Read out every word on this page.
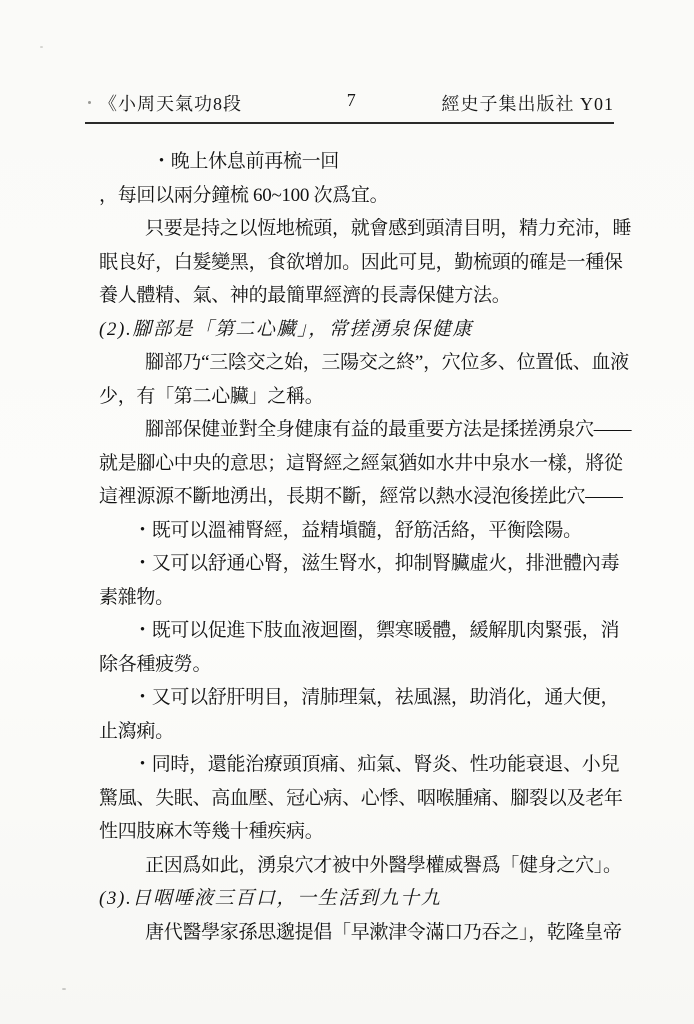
《小周天氣功8段	7	經史子集出版社 Y01
・晚上休息前再梳一回
，每回以兩分鐘梳 60~100 次爲宜。
只要是持之以恆地梳頭，就會感到頭清目明，精力充沛，睡
眠良好，白髮變黑，食欲增加。因此可見，勤梳頭的確是一種保
養人體精、氣、神的最簡單經濟的長壽保健方法。
(2).腳部是「第二心臟」，常搓湧泉保健康
腳部乃“三陰交之始，三陽交之終”，穴位多、位置低、血液
少，有「第二心臟」之稱。
腳部保健並對全身健康有益的最重要方法是揉搓湧泉穴——
就是腳心中央的意思；這腎經之經氣猶如水井中泉水一樣，將從
這裡源源不斷地湧出，長期不斷，經常以熱水浸泡後搓此穴——
・既可以溫補腎經，益精塡髓，舒筋活絡，平衡陰陽。
・又可以舒通心腎，滋生腎水，抑制腎臟虛火，排泄體內毒
素雜物。
・既可以促進下肢血液迴圈，禦寒暖體，緩解肌肉緊張，消
除各種疲勞。
・又可以舒肝明目，清肺理氣，祛風濕，助消化，通大便，
止瀉痢。
・同時，還能治療頭頂痛、疝氣、腎炎、性功能衰退、小兒
驚風、失眠、高血壓、冠心病、心悸、咽喉腫痛、腳裂以及老年
性四肢麻木等幾十種疾病。
正因爲如此，湧泉穴才被中外醫學權威譽爲「健身之穴」。
(3).日咽唾液三百口，一生活到九十九
唐代醫學家孫思邈提倡「早漱津令滿口乃吞之」，乾隆皇帝
